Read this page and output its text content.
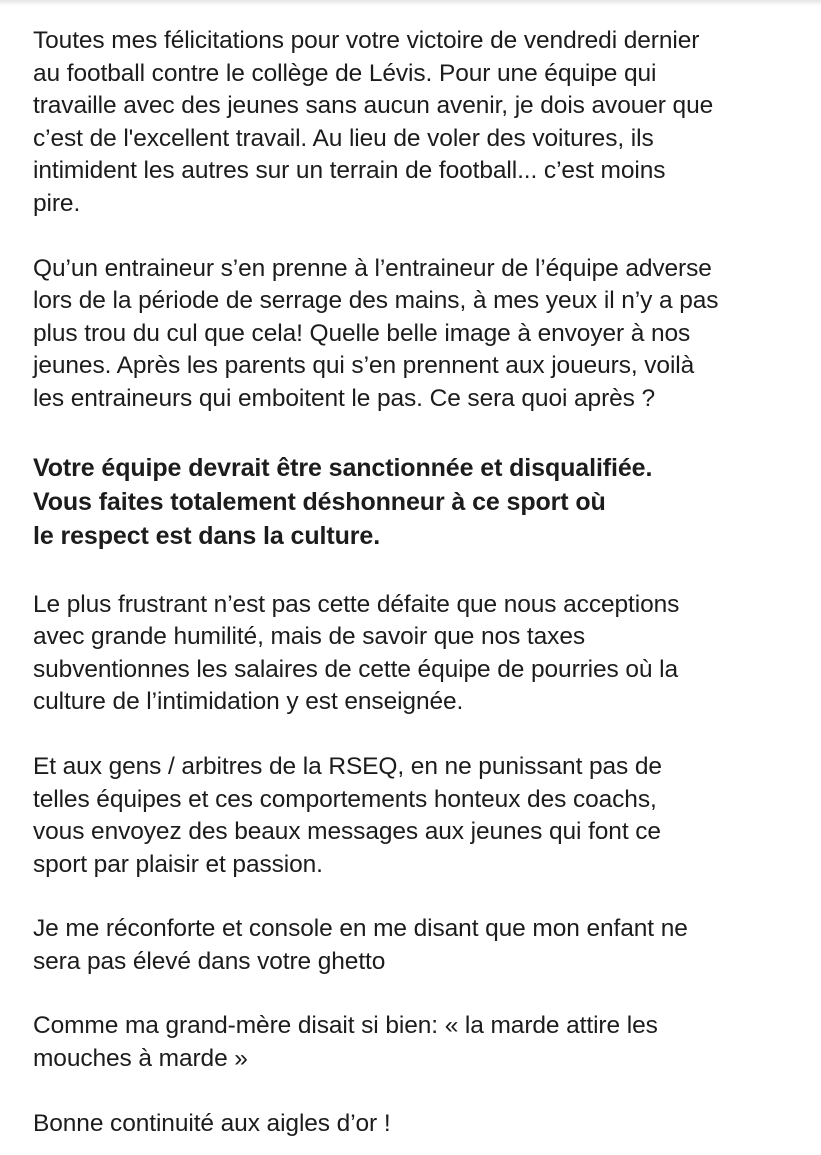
Toutes mes félicitations pour votre victoire de vendredi dernier
au football contre le collège de Lévis. Pour une équipe qui
travaille avec des jeunes sans aucun avenir, je dois avouer que
c’est de l'excellent travail. Au lieu de voler des voitures, ils
intimident les autres sur un terrain de football... c’est moins
pire.

Qu’un entraineur s’en prenne à l’entraineur de l’équipe adverse
lors de la période de serrage des mains, à mes yeux il n’y a pas
plus trou du cul que cela! Quelle belle image à envoyer à nos
jeunes. Après les parents qui s’en prennent aux joueurs, voilà
les entraineurs qui emboitent le pas. Ce sera quoi après ?

Votre équipe devrait être sanctionnée et disqualifiée.
Vous faites totalement déshonneur à ce sport où
le respect est dans la culture.

Le plus frustrant n’est pas cette défaite que nous acceptions
avec grande humilité, mais de savoir que nos taxes
subventionnes les salaires de cette équipe de pourries où la
culture de l’intimidation y est enseignée.

Et aux gens / arbitres de la RSEQ, en ne punissant pas de
telles équipes et ces comportements honteux des coachs,
vous envoyez des beaux messages aux jeunes qui font ce
sport par plaisir et passion.

Je me réconforte et console en me disant que mon enfant ne
sera pas élevé dans votre ghetto

Comme ma grand-mère disait si bien: « la marde attire les
mouches à marde »

Bonne continuité aux aigles d’or !
